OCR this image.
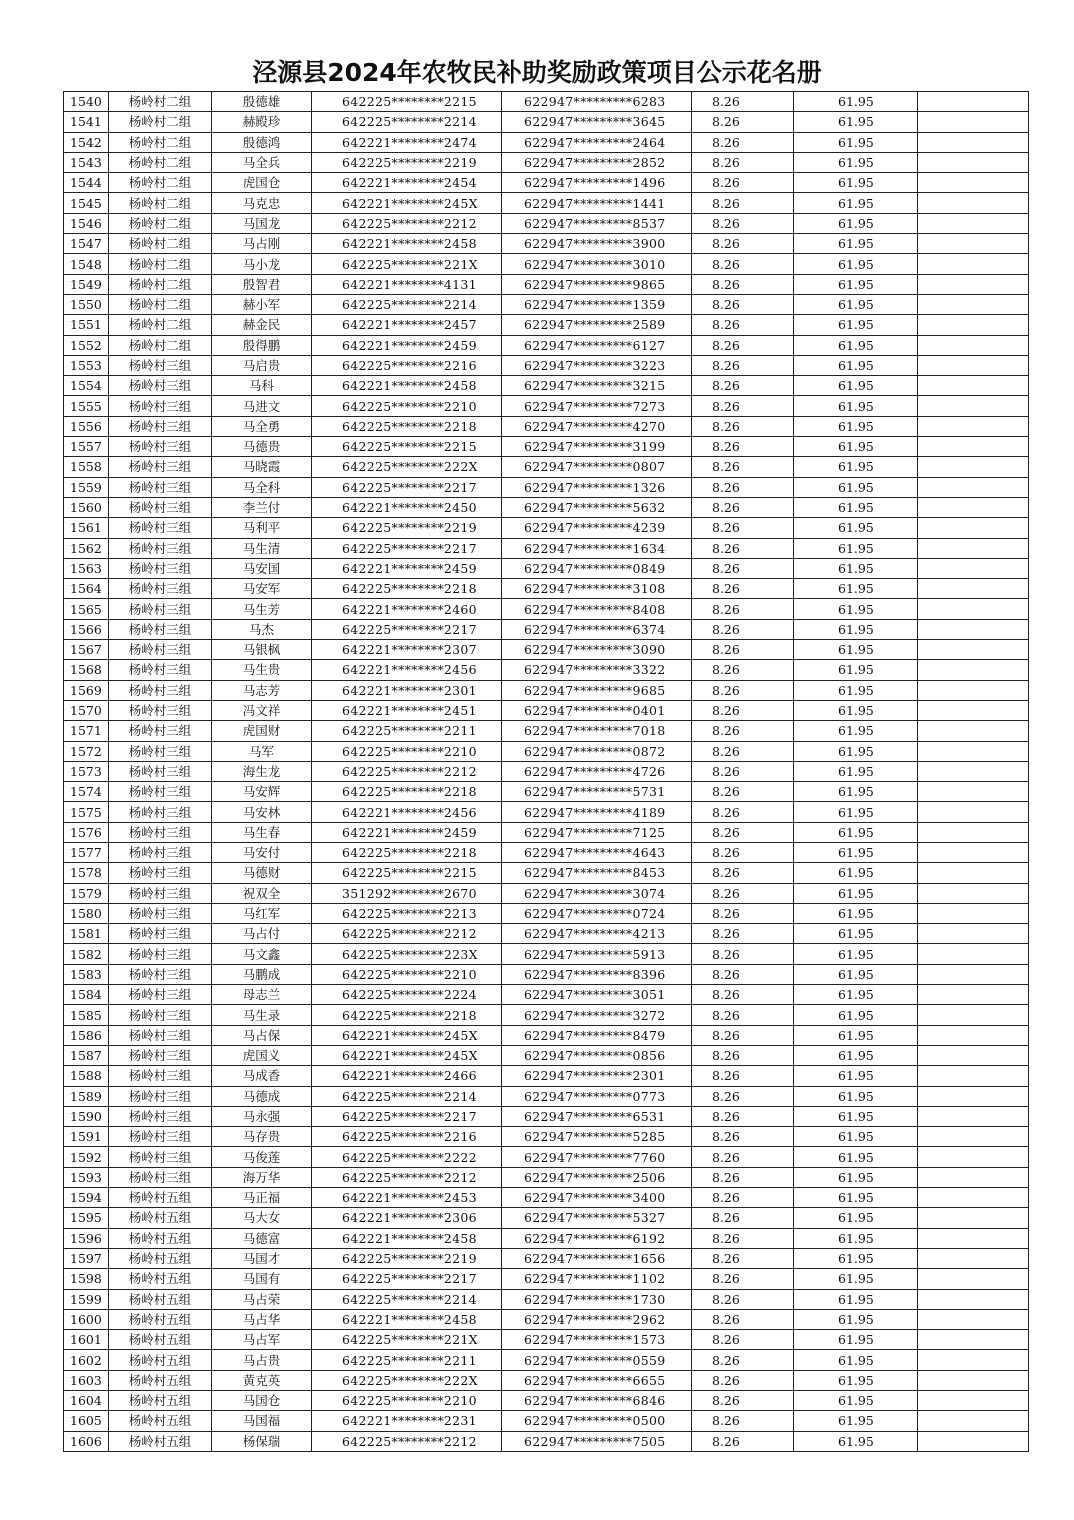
泾源县2024年农牧民补助奖励政策项目公示花名册
1540	杨岭村二组	殷德雄	642225********2215	622947*********6283	8.26	61.95	
1541	杨岭村二组	赫殿珍	642225********2214	622947*********3645	8.26	61.95	
1542	杨岭村二组	殷德鸿	642221********2474	622947*********2464	8.26	61.95	
1543	杨岭村二组	马全兵	642225********2219	622947*********2852	8.26	61.95	
1544	杨岭村二组	虎国仓	642221********2454	622947*********1496	8.26	61.95	
1545	杨岭村二组	马克忠	642221********245X	622947*********1441	8.26	61.95	
1546	杨岭村二组	马国龙	642225********2212	622947*********8537	8.26	61.95	
1547	杨岭村二组	马占刚	642221********2458	622947*********3900	8.26	61.95	
1548	杨岭村二组	马小龙	642225********221X	622947*********3010	8.26	61.95	
1549	杨岭村二组	殷智君	642221********4131	622947*********9865	8.26	61.95	
1550	杨岭村二组	赫小军	642225********2214	622947*********1359	8.26	61.95	
1551	杨岭村二组	赫金民	642221********2457	622947*********2589	8.26	61.95	
1552	杨岭村二组	殷得鹏	642221********2459	622947*********6127	8.26	61.95	
1553	杨岭村三组	马启贵	642225********2216	622947*********3223	8.26	61.95	
1554	杨岭村三组	马科	642221********2458	622947*********3215	8.26	61.95	
1555	杨岭村三组	马进文	642225********2210	622947*********7273	8.26	61.95	
1556	杨岭村三组	马全勇	642225********2218	622947*********4270	8.26	61.95	
1557	杨岭村三组	马德贵	642225********2215	622947*********3199	8.26	61.95	
1558	杨岭村三组	马晓霞	642225********222X	622947*********0807	8.26	61.95	
1559	杨岭村三组	马全科	642225********2217	622947*********1326	8.26	61.95	
1560	杨岭村三组	李兰付	642221********2450	622947*********5632	8.26	61.95	
1561	杨岭村三组	马利平	642225********2219	622947*********4239	8.26	61.95	
1562	杨岭村三组	马生清	642225********2217	622947*********1634	8.26	61.95	
1563	杨岭村三组	马安国	642221********2459	622947*********0849	8.26	61.95	
1564	杨岭村三组	马安军	642225********2218	622947*********3108	8.26	61.95	
1565	杨岭村三组	马生芳	642221********2460	622947*********8408	8.26	61.95	
1566	杨岭村三组	马杰	642225********2217	622947*********6374	8.26	61.95	
1567	杨岭村三组	马银枫	642221********2307	622947*********3090	8.26	61.95	
1568	杨岭村三组	马生贵	642221********2456	622947*********3322	8.26	61.95	
1569	杨岭村三组	马志芳	642221********2301	622947*********9685	8.26	61.95	
1570	杨岭村三组	冯文祥	642221********2451	622947*********0401	8.26	61.95	
1571	杨岭村三组	虎国财	642225********2211	622947*********7018	8.26	61.95	
1572	杨岭村三组	马军	642225********2210	622947*********0872	8.26	61.95	
1573	杨岭村三组	海生龙	642225********2212	622947*********4726	8.26	61.95	
1574	杨岭村三组	马安辉	642225********2218	622947*********5731	8.26	61.95	
1575	杨岭村三组	马安林	642221********2456	622947*********4189	8.26	61.95	
1576	杨岭村三组	马生春	642221********2459	622947*********7125	8.26	61.95	
1577	杨岭村三组	马安付	642225********2218	622947*********4643	8.26	61.95	
1578	杨岭村三组	马德财	642225********2215	622947*********8453	8.26	61.95	
1579	杨岭村三组	祝双全	351292********2670	622947*********3074	8.26	61.95	
1580	杨岭村三组	马红军	642225********2213	622947*********0724	8.26	61.95	
1581	杨岭村三组	马占付	642225********2212	622947*********4213	8.26	61.95	
1582	杨岭村三组	马文鑫	642225********223X	622947*********5913	8.26	61.95	
1583	杨岭村三组	马鹏成	642225********2210	622947*********8396	8.26	61.95	
1584	杨岭村三组	母志兰	642225********2224	622947*********3051	8.26	61.95	
1585	杨岭村三组	马生录	642225********2218	622947*********3272	8.26	61.95	
1586	杨岭村三组	马占保	642221********245X	622947*********8479	8.26	61.95	
1587	杨岭村三组	虎国义	642221********245X	622947*********0856	8.26	61.95	
1588	杨岭村三组	马成香	642221********2466	622947*********2301	8.26	61.95	
1589	杨岭村三组	马德成	642225********2214	622947*********0773	8.26	61.95	
1590	杨岭村三组	马永强	642225********2217	622947*********6531	8.26	61.95	
1591	杨岭村三组	马存贵	642225********2216	622947*********5285	8.26	61.95	
1592	杨岭村三组	马俊莲	642225********2222	622947*********7760	8.26	61.95	
1593	杨岭村三组	海万华	642225********2212	622947*********2506	8.26	61.95	
1594	杨岭村五组	马正福	642221********2453	622947*********3400	8.26	61.95	
1595	杨岭村五组	马大女	642221********2306	622947*********5327	8.26	61.95	
1596	杨岭村五组	马德富	642221********2458	622947*********6192	8.26	61.95	
1597	杨岭村五组	马国才	642225********2219	622947*********1656	8.26	61.95	
1598	杨岭村五组	马国有	642225********2217	622947*********1102	8.26	61.95	
1599	杨岭村五组	马占荣	642225********2214	622947*********1730	8.26	61.95	
1600	杨岭村五组	马占华	642221********2458	622947*********2962	8.26	61.95	
1601	杨岭村五组	马占军	642225********221X	622947*********1573	8.26	61.95	
1602	杨岭村五组	马占贵	642225********2211	622947*********0559	8.26	61.95	
1603	杨岭村五组	黄克英	642225********222X	622947*********6655	8.26	61.95	
1604	杨岭村五组	马国仓	642225********2210	622947*********6846	8.26	61.95	
1605	杨岭村五组	马国福	642221********2231	622947*********0500	8.26	61.95	
1606	杨岭村五组	杨保瑞	642225********2212	622947*********7505	8.26	61.95	
